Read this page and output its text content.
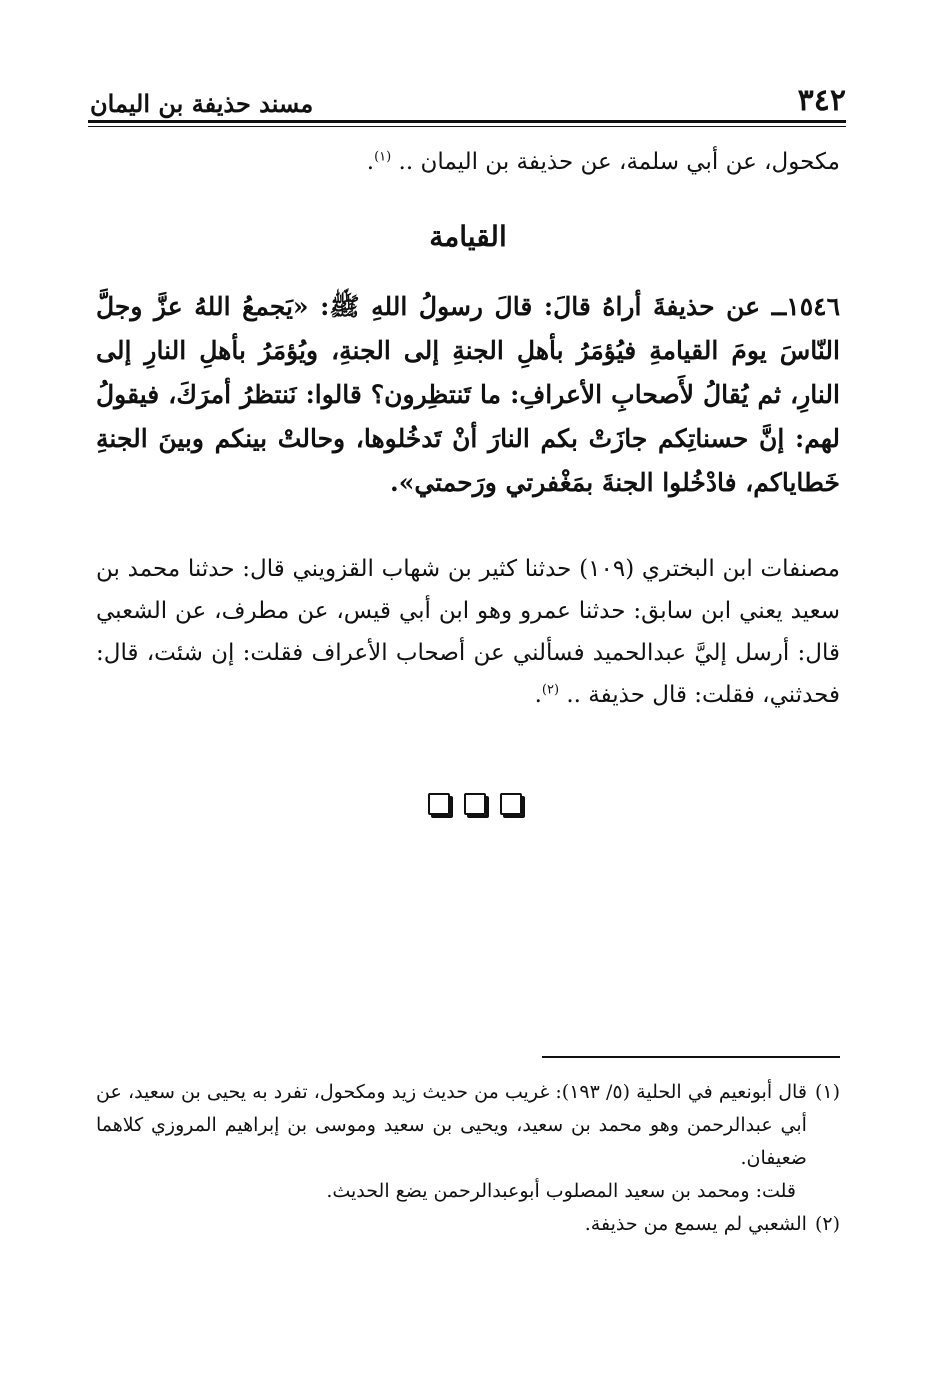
٣٤٢
مسند حذيفة بن اليمان

مكحول، عن أبي سلمة، عن حذيفة بن اليمان .. $^{(١)}$.

القيامة

١٥٤٦ــ عن حذيفةَ أراهُ قالَ: قالَ رسولُ اللهِ ﷺ: «يَجمعُ اللهُ عزَّ وجلَّ النّاسَ يومَ القيامةِ فيُؤمَرُ بأهلِ الجنةِ إلى الجنةِ، ويُؤمَرُ بأهلِ النارِ إلى النارِ، ثم يُقالُ لأَصحابِ الأعرافِ: ما تَنتظِرون؟ قالوا: نَنتظرُ أمرَكَ، فيقولُ لهم: إنَّ حسناتِكم جازَتْ بكم النارَ أنْ تَدخُلوها، وحالتْ بينكم وبينَ الجنةِ خَطاياكم، فادْخُلوا الجنةَ بمَغْفرتي ورَحمتي».

مصنفات ابن البختري (١٠٩) حدثنا كثير بن شهاب القزويني قال: حدثنا محمد بن سعيد يعني ابن سابق: حدثنا عمرو وهو ابن أبي قيس، عن مطرف، عن الشعبي قال: أرسل إليَّ عبدالحميد فسألني عن أصحاب الأعراف فقلت: إن شئت، قال: فحدثني، فقلت: قال حذيفة .. $^{(٢)}$.

(١)
قال أبونعيم في الحلية (٥/ ١٩٣): غريب من حديث زيد ومكحول، تفرد به يحيى بن سعيد، عن أبي عبدالرحمن وهو محمد بن سعيد، ويحيى بن سعيد وموسى بن إبراهيم المروزي كلاهما ضعيفان.
قلت: ومحمد بن سعيد المصلوب أبوعبدالرحمن يضع الحديث.
(٢)
الشعبي لم يسمع من حذيفة.
